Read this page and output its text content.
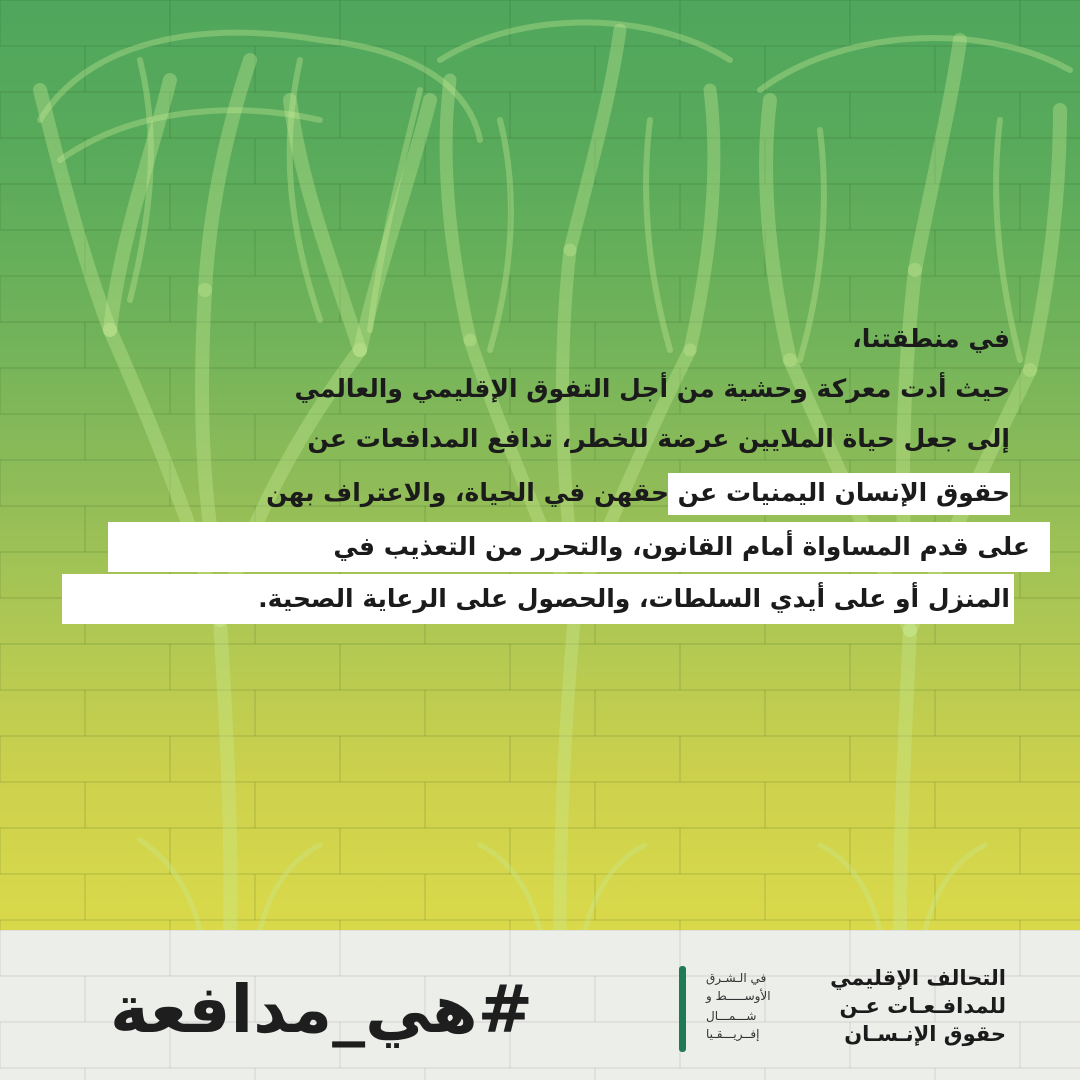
في منطقتنا،
حيث أدت معركة وحشية من أجل التفوق الإقليمي والعالمي
إلى جعل حياة الملايين عرضة للخطر، تدافع المدافعات عن
حقوق الإنسان اليمنيات عن حقهن في الحياة، والاعتراف بهن
على قدم المساواة أمام القانون، والتحرر من التعذيب في
المنزل أو على أيدي السلطات، والحصول على الرعاية الصحية.
#هي_مدافعة	التحالف الإقليمي
في الـشـرق
للمدافـعـات عـن
الأوســـــط و
شـــمـــال
حقوق الإنـسـان
إفــريـــقـيا
